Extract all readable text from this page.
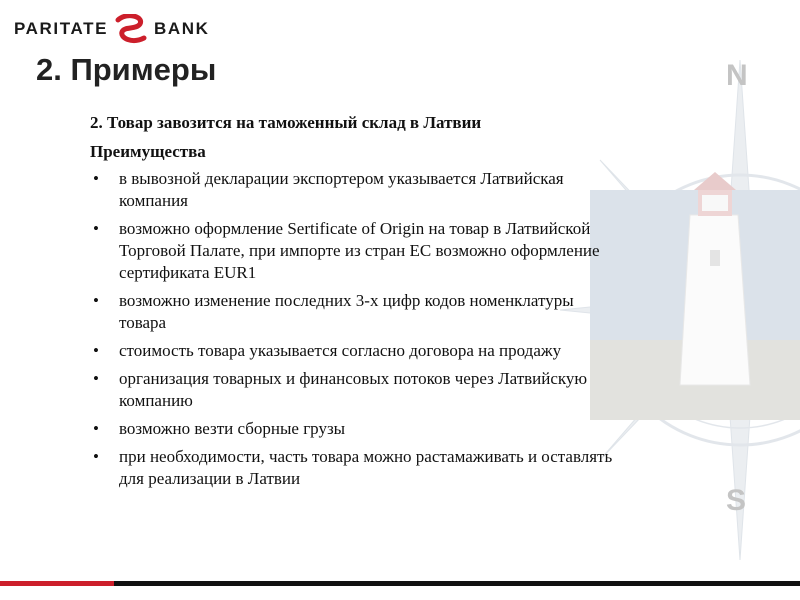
N
S
PARITATE	BANK
2. Примеры

2. Товар завозится на таможенный склад в Латвии

Преимущества

• в вывозной декларации экспортером указывается Латвийская компания
• возможно оформление Sertificate of Origin на товар в Латвийской Торговой Палате, при импорте из стран ЕС возможно оформление сертификата EUR1
• возможно изменение последних 3-х цифр кодов номенклатуры товара
• стоимость товара указывается согласно договора на продажу
• организация товарных и финансовых потоков через Латвийскую компанию
• возможно везти сборные грузы
• при необходимости, часть товара можно растамаживать и оставлять для реализации в Латвии
